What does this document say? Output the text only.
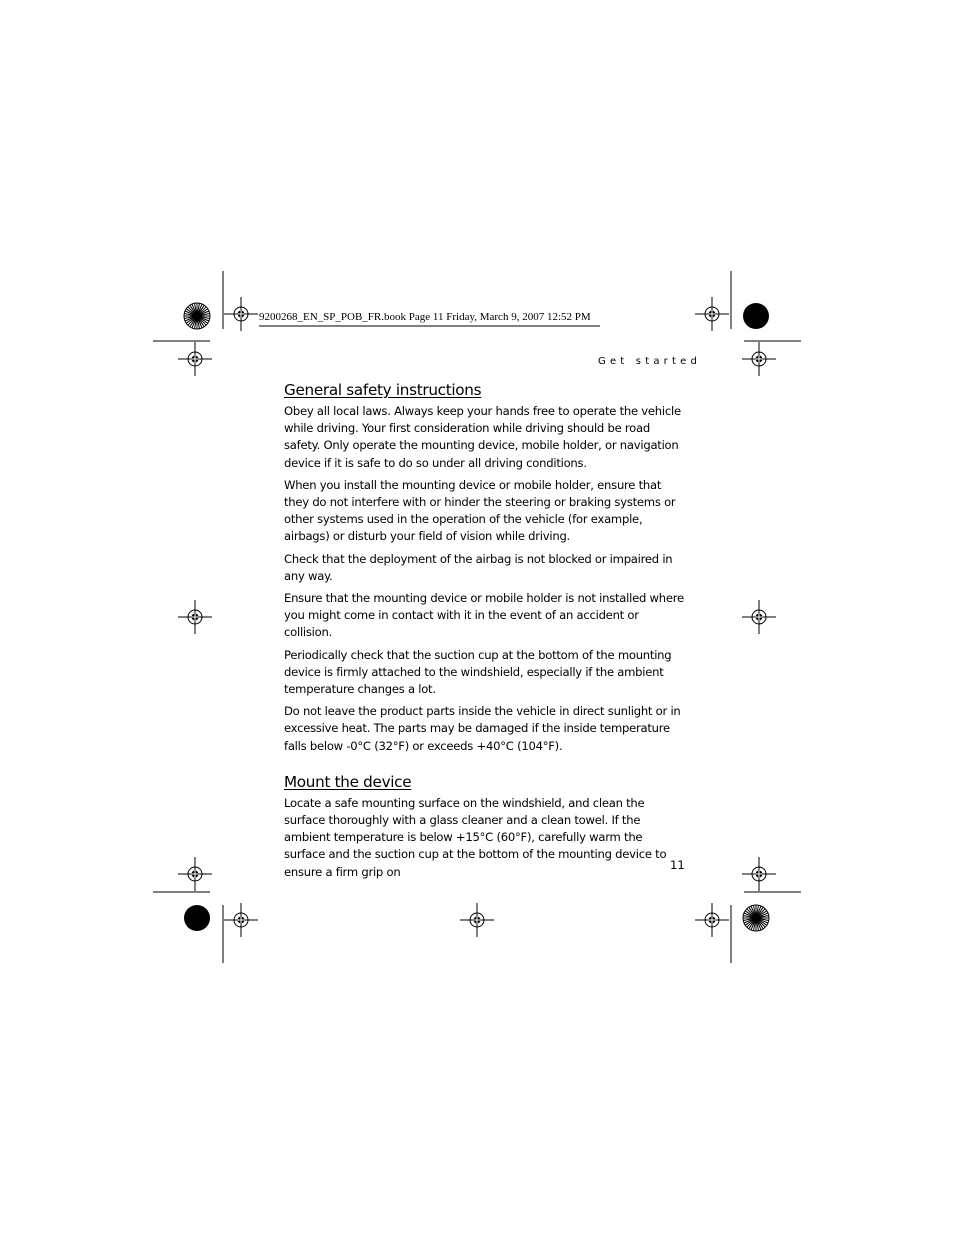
9200268_EN_SP_POB_FR.book Page 11 Friday, March 9, 2007 12:52 PM
Get started
General safety instructions

Obey all local laws. Always keep your hands free to operate the vehicle while driving. Your first consideration while driving should be road safety. Only operate the mounting device, mobile holder, or navigation device if it is safe to do so under all driving conditions.

When you install the mounting device or mobile holder, ensure that they do not interfere with or hinder the steering or braking systems or other systems used in the operation of the vehicle (for example, airbags) or disturb your field of vision while driving.

Check that the deployment of the airbag is not blocked or impaired in any way.

Ensure that the mounting device or mobile holder is not installed where you might come in contact with it in the event of an accident or collision.

Periodically check that the suction cup at the bottom of the mounting device is firmly attached to the windshield, especially if the ambient temperature changes a lot.

Do not leave the product parts inside the vehicle in direct sunlight or in excessive heat. The parts may be damaged if the inside temperature falls below -0°C (32°F) or exceeds +40°C (104°F).

Mount the device

Locate a safe mounting surface on the windshield, and clean the surface thoroughly with a glass cleaner and a clean towel. If the ambient temperature is below +15°C (60°F), carefully warm the surface and the suction cup at the bottom of the mounting device to ensure a firm grip on	11
